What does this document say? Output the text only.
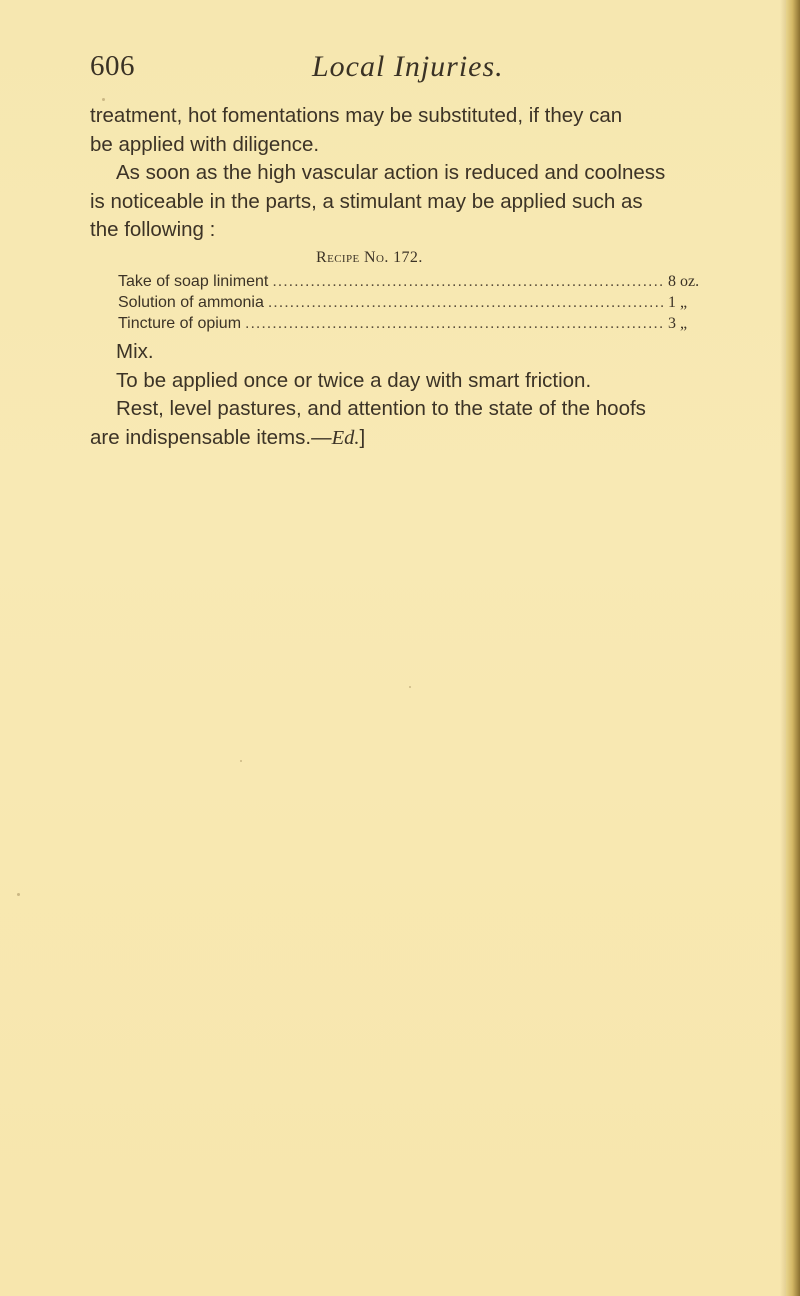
606	Local Injuries.

treatment, hot fomentations may be substituted, if they can
be applied with diligence.

As soon as the high vascular action is reduced and coolness
is noticeable in the parts, a stimulant may be applied such as
the following :

Recipe No. 172.

Take of soap liniment .....	8 oz.
Solution of ammonia .....	1 „
Tincture of opium .....	3 „

Mix.

To be applied once or twice a day with smart friction.

Rest, level pastures, and attention to the state of the hoofs
are indispensable items.—Ed.]
